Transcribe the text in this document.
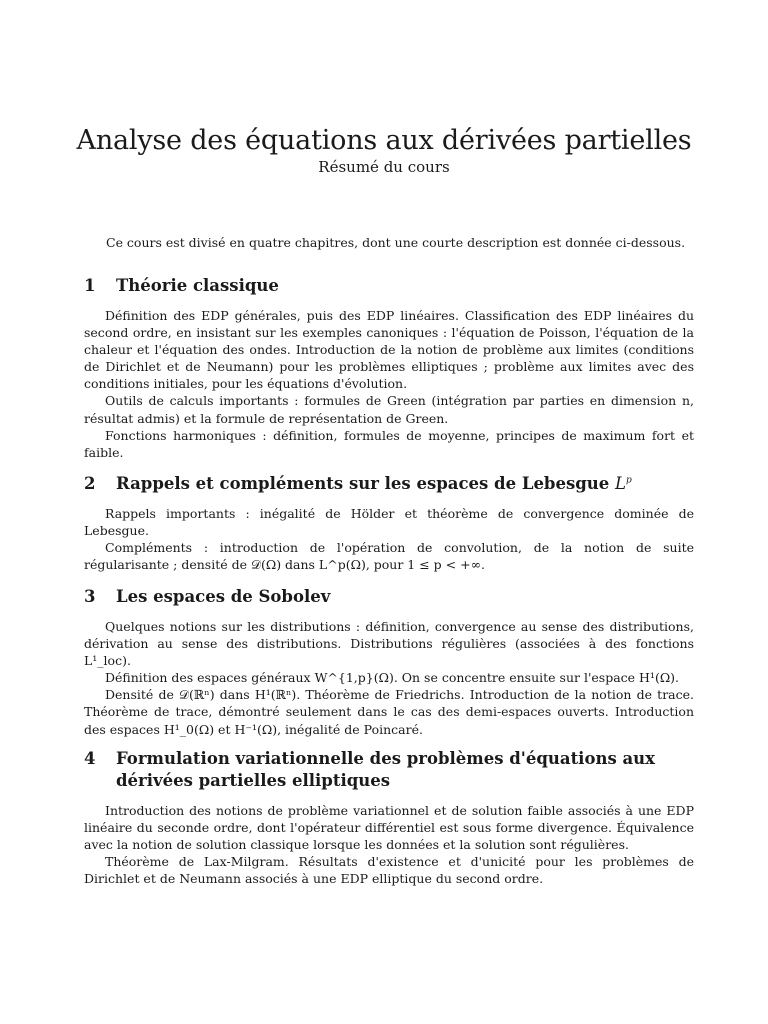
Analyse des équations aux dérivées partielles
Résumé du cours
Ce cours est divisé en quatre chapitres, dont une courte description est donnée ci-dessous.
1	Théorie classique

Définition des EDP générales, puis des EDP linéaires. Classification des EDP linéaires du second ordre, en insistant sur les exemples canoniques : l'équation de Poisson, l'équation de la chaleur et l'équation des ondes. Introduction de la notion de problème aux limites (conditions de Dirichlet et de Neumann) pour les problèmes elliptiques ; problème aux limites avec des conditions initiales, pour les équations d'évolution.

Outils de calculs importants : formules de Green (intégration par parties en dimension n, résultat admis) et la formule de représentation de Green.

Fonctions harmoniques : définition, formules de moyenne, principes de maximum fort et faible.

2	Rappels et compléments sur les espaces de Lebesgue $L^p$

Rappels importants : inégalité de Hölder et théorème de convergence dominée de Lebesgue.

Compléments : introduction de l'opération de convolution, de la notion de suite régularisante ; densité de 𝒟(Ω) dans L^p(Ω), pour 1 ≤ p < +∞.

3	Les espaces de Sobolev

Quelques notions sur les distributions : définition, convergence au sense des distributions, dérivation au sense des distributions. Distributions régulières (associées à des fonctions L¹_loc).

Définition des espaces généraux W^{1,p}(Ω). On se concentre ensuite sur l'espace H¹(Ω).

Densité de 𝒟(ℝⁿ) dans H¹(ℝⁿ). Théorème de Friedrichs. Introduction de la notion de trace. Théorème de trace, démontré seulement dans le cas des demi-espaces ouverts. Introduction des espaces H¹_0(Ω) et H⁻¹(Ω), inégalité de Poincaré.

4	Formulation variationnelle des problèmes d'équations aux dérivées partielles elliptiques

Introduction des notions de problème variationnel et de solution faible associés à une EDP linéaire du seconde ordre, dont l'opérateur différentiel est sous forme divergence. Équivalence avec la notion de solution classique lorsque les données et la solution sont régulières.

Théorème de Lax-Milgram. Résultats d'existence et d'unicité pour les problèmes de Dirichlet et de Neumann associés à une EDP elliptique du second ordre.
